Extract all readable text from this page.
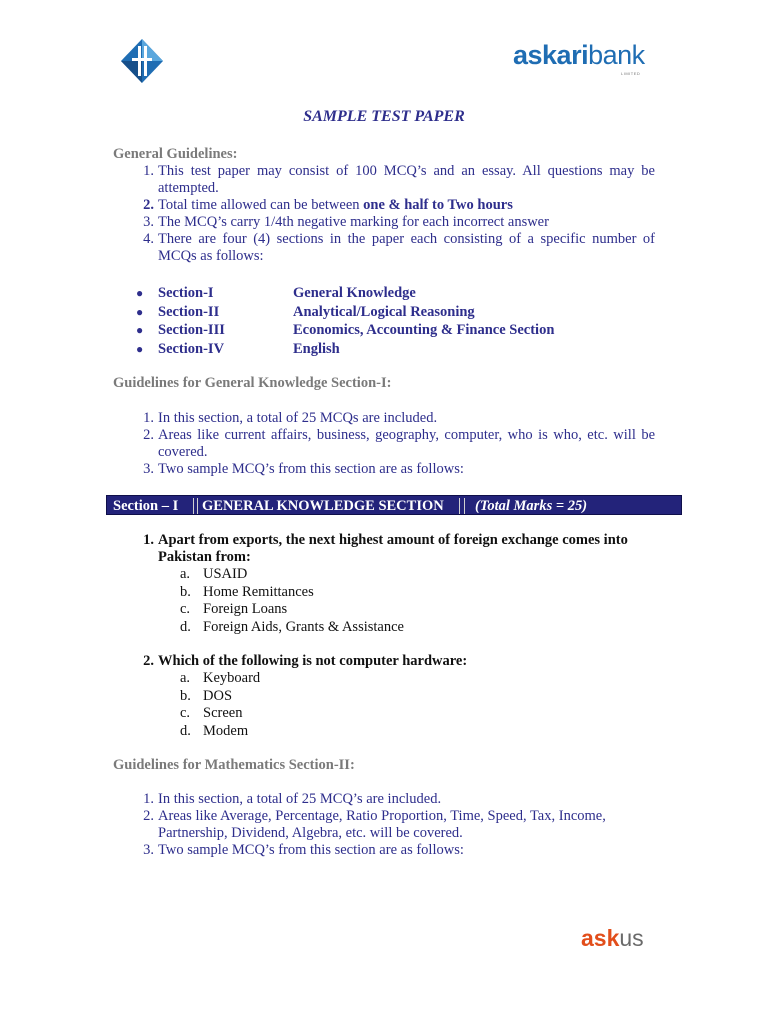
askaribank
LIMITED
SAMPLE TEST PAPER
General Guidelines:
1. This test paper may consist of 100 MCQ’s and an essay. All questions may be attempted.
2. Total time allowed can be between one & half to Two hours
3. The MCQ’s carry 1/4th negative marking for each incorrect answer
4. There are four (4) sections in the paper each consisting of a specific number of MCQs as follows:
● Section-I	General Knowledge
● Section-II	Analytical/Logical Reasoning
● Section-III	Economics, Accounting & Finance Section
● Section-IV	English
Guidelines for General Knowledge Section-I:
1. In this section, a total of 25 MCQs are included.
2. Areas like current affairs, business, geography, computer, who is who, etc. will be covered.
3. Two sample MCQ’s from this section are as follows:
Section – I GENERAL KNOWLEDGE SECTION (Total Marks = 25)
1. Apart from exports, the next highest amount of foreign exchange comes into Pakistan from:
a. USAID
b. Home Remittances
c. Foreign Loans
d. Foreign Aids, Grants & Assistance
2. Which of the following is not computer hardware:
a. Keyboard
b. DOS
c. Screen
d. Modem
Guidelines for Mathematics Section-II:
1. In this section, a total of 25 MCQ’s are included.
2. Areas like Average, Percentage, Ratio Proportion, Time, Speed, Tax, Income, Partnership, Dividend, Algebra, etc. will be covered.
3. Two sample MCQ’s from this section are as follows:
askus
